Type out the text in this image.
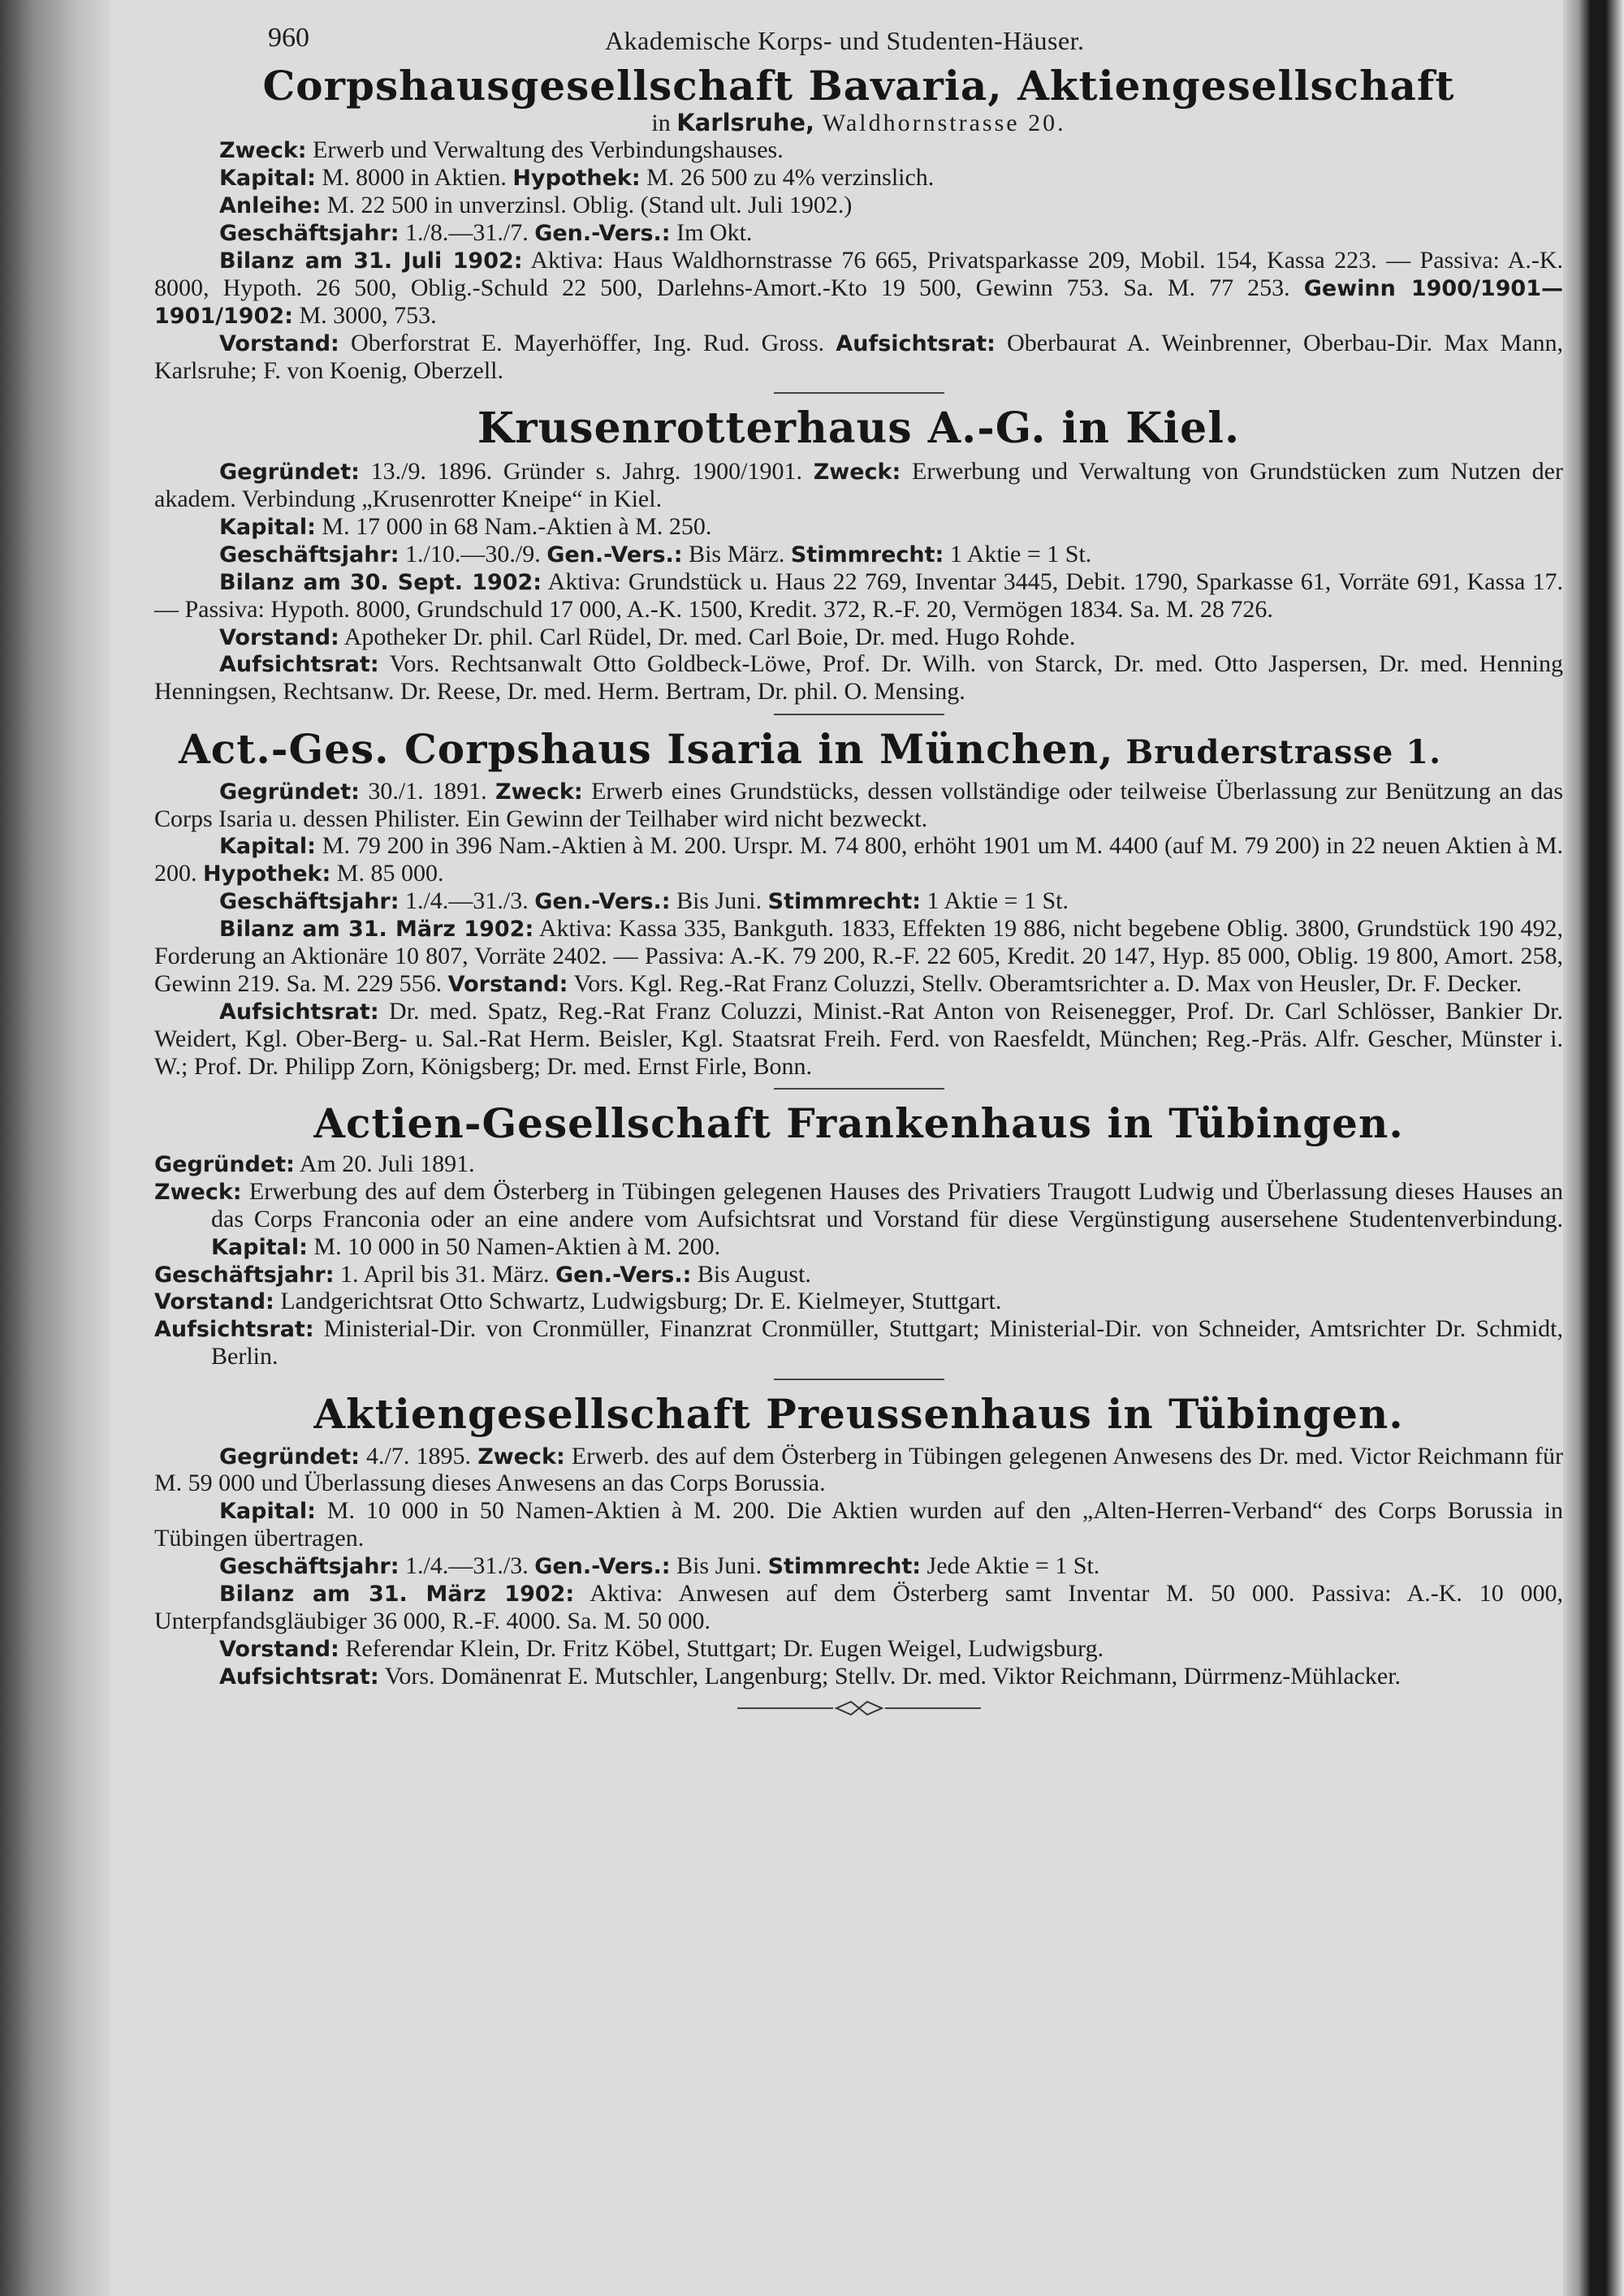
960	Akademische Korps- und Studenten-Häuser.
Corpshausgesellschaft Bavaria, Aktiengesellschaft
in Karlsruhe, Waldhornstrasse 20.

Zweck: Erwerb und Verwaltung des Verbindungshauses.

Kapital: M. 8000 in Aktien. Hypothek: M. 26 500 zu 4% verzinslich.

Anleihe: M. 22 500 in unverzinsl. Oblig. (Stand ult. Juli 1902.)

Geschäftsjahr: 1./8.—31./7. Gen.-Vers.: Im Okt.

Bilanz am 31. Juli 1902: Aktiva: Haus Waldhornstrasse 76 665, Privatsparkasse 209, Mobil. 154, Kassa 223. — Passiva: A.-K. 8000, Hypoth. 26 500, Oblig.-Schuld 22 500, Darlehns-Amort.-Kto 19 500, Gewinn 753. Sa. M. 77 253. Gewinn 1900/1901—1901/1902: M. 3000, 753.

Vorstand: Oberforstrat E. Mayerhöffer, Ing. Rud. Gross. Aufsichtsrat: Oberbaurat A. Weinbrenner, Oberbau-Dir. Max Mann, Karlsruhe; F. von Koenig, Oberzell.

Krusenrotterhaus A.-G. in Kiel.

Gegründet: 13./9. 1896. Gründer s. Jahrg. 1900/1901. Zweck: Erwerbung und Verwaltung von Grundstücken zum Nutzen der akadem. Verbindung „Krusenrotter Kneipe“ in Kiel.

Kapital: M. 17 000 in 68 Nam.-Aktien à M. 250.

Geschäftsjahr: 1./10.—30./9. Gen.-Vers.: Bis März. Stimmrecht: 1 Aktie = 1 St.

Bilanz am 30. Sept. 1902: Aktiva: Grundstück u. Haus 22 769, Inventar 3445, Debit. 1790, Sparkasse 61, Vorräte 691, Kassa 17. — Passiva: Hypoth. 8000, Grundschuld 17 000, A.-K. 1500, Kredit. 372, R.-F. 20, Vermögen 1834. Sa. M. 28 726.

Vorstand: Apotheker Dr. phil. Carl Rüdel, Dr. med. Carl Boie, Dr. med. Hugo Rohde.

Aufsichtsrat: Vors. Rechtsanwalt Otto Goldbeck-Löwe, Prof. Dr. Wilh. von Starck, Dr. med. Otto Jaspersen, Dr. med. Henning Henningsen, Rechtsanw. Dr. Reese, Dr. med. Herm. Bertram, Dr. phil. O. Mensing.

Act.-Ges. Corpshaus Isaria in München, Bruderstrasse 1.

Gegründet: 30./1. 1891. Zweck: Erwerb eines Grundstücks, dessen vollständige oder teilweise Überlassung zur Benützung an das Corps Isaria u. dessen Philister. Ein Gewinn der Teilhaber wird nicht bezweckt.

Kapital: M. 79 200 in 396 Nam.-Aktien à M. 200. Urspr. M. 74 800, erhöht 1901 um M. 4400 (auf M. 79 200) in 22 neuen Aktien à M. 200. Hypothek: M. 85 000.

Geschäftsjahr: 1./4.—31./3. Gen.-Vers.: Bis Juni. Stimmrecht: 1 Aktie = 1 St.

Bilanz am 31. März 1902: Aktiva: Kassa 335, Bankguth. 1833, Effekten 19 886, nicht begebene Oblig. 3800, Grundstück 190 492, Forderung an Aktionäre 10 807, Vorräte 2402. — Passiva: A.-K. 79 200, R.-F. 22 605, Kredit. 20 147, Hyp. 85 000, Oblig. 19 800, Amort. 258, Gewinn 219. Sa. M. 229 556. Vorstand: Vors. Kgl. Reg.-Rat Franz Coluzzi, Stellv. Oberamtsrichter a. D. Max von Heusler, Dr. F. Decker.

Aufsichtsrat: Dr. med. Spatz, Reg.-Rat Franz Coluzzi, Minist.-Rat Anton von Reisenegger, Prof. Dr. Carl Schlösser, Bankier Dr. Weidert, Kgl. Ober-Berg- u. Sal.-Rat Herm. Beisler, Kgl. Staatsrat Freih. Ferd. von Raesfeldt, München; Reg.-Präs. Alfr. Gescher, Münster i. W.; Prof. Dr. Philipp Zorn, Königsberg; Dr. med. Ernst Firle, Bonn.

Actien-Gesellschaft Frankenhaus in Tübingen.

Gegründet: Am 20. Juli 1891.

Zweck: Erwerbung des auf dem Österberg in Tübingen gelegenen Hauses des Privatiers Traugott Ludwig und Überlassung dieses Hauses an das Corps Franconia oder an eine andere vom Aufsichtsrat und Vorstand für diese Vergünstigung ausersehene Studentenverbindung. Kapital: M. 10 000 in 50 Namen-Aktien à M. 200.

Geschäftsjahr: 1. April bis 31. März. Gen.-Vers.: Bis August.

Vorstand: Landgerichtsrat Otto Schwartz, Ludwigsburg; Dr. E. Kielmeyer, Stuttgart.

Aufsichtsrat: Ministerial-Dir. von Cronmüller, Finanzrat Cronmüller, Stuttgart; Ministerial-Dir. von Schneider, Amtsrichter Dr. Schmidt, Berlin.

Aktiengesellschaft Preussenhaus in Tübingen.

Gegründet: 4./7. 1895. Zweck: Erwerb. des auf dem Österberg in Tübingen gelegenen Anwesens des Dr. med. Victor Reichmann für M. 59 000 und Überlassung dieses Anwesens an das Corps Borussia.

Kapital: M. 10 000 in 50 Namen-Aktien à M. 200. Die Aktien wurden auf den „Alten-Herren-Verband“ des Corps Borussia in Tübingen übertragen.

Geschäftsjahr: 1./4.—31./3. Gen.-Vers.: Bis Juni. Stimmrecht: Jede Aktie = 1 St.

Bilanz am 31. März 1902: Aktiva: Anwesen auf dem Österberg samt Inventar M. 50 000. Passiva: A.-K. 10 000, Unterpfandsgläubiger 36 000, R.-F. 4000. Sa. M. 50 000.

Vorstand: Referendar Klein, Dr. Fritz Köbel, Stuttgart; Dr. Eugen Weigel, Ludwigsburg.

Aufsichtsrat: Vors. Domänenrat E. Mutschler, Langenburg; Stellv. Dr. med. Viktor Reichmann, Dürrmenz-Mühlacker.
